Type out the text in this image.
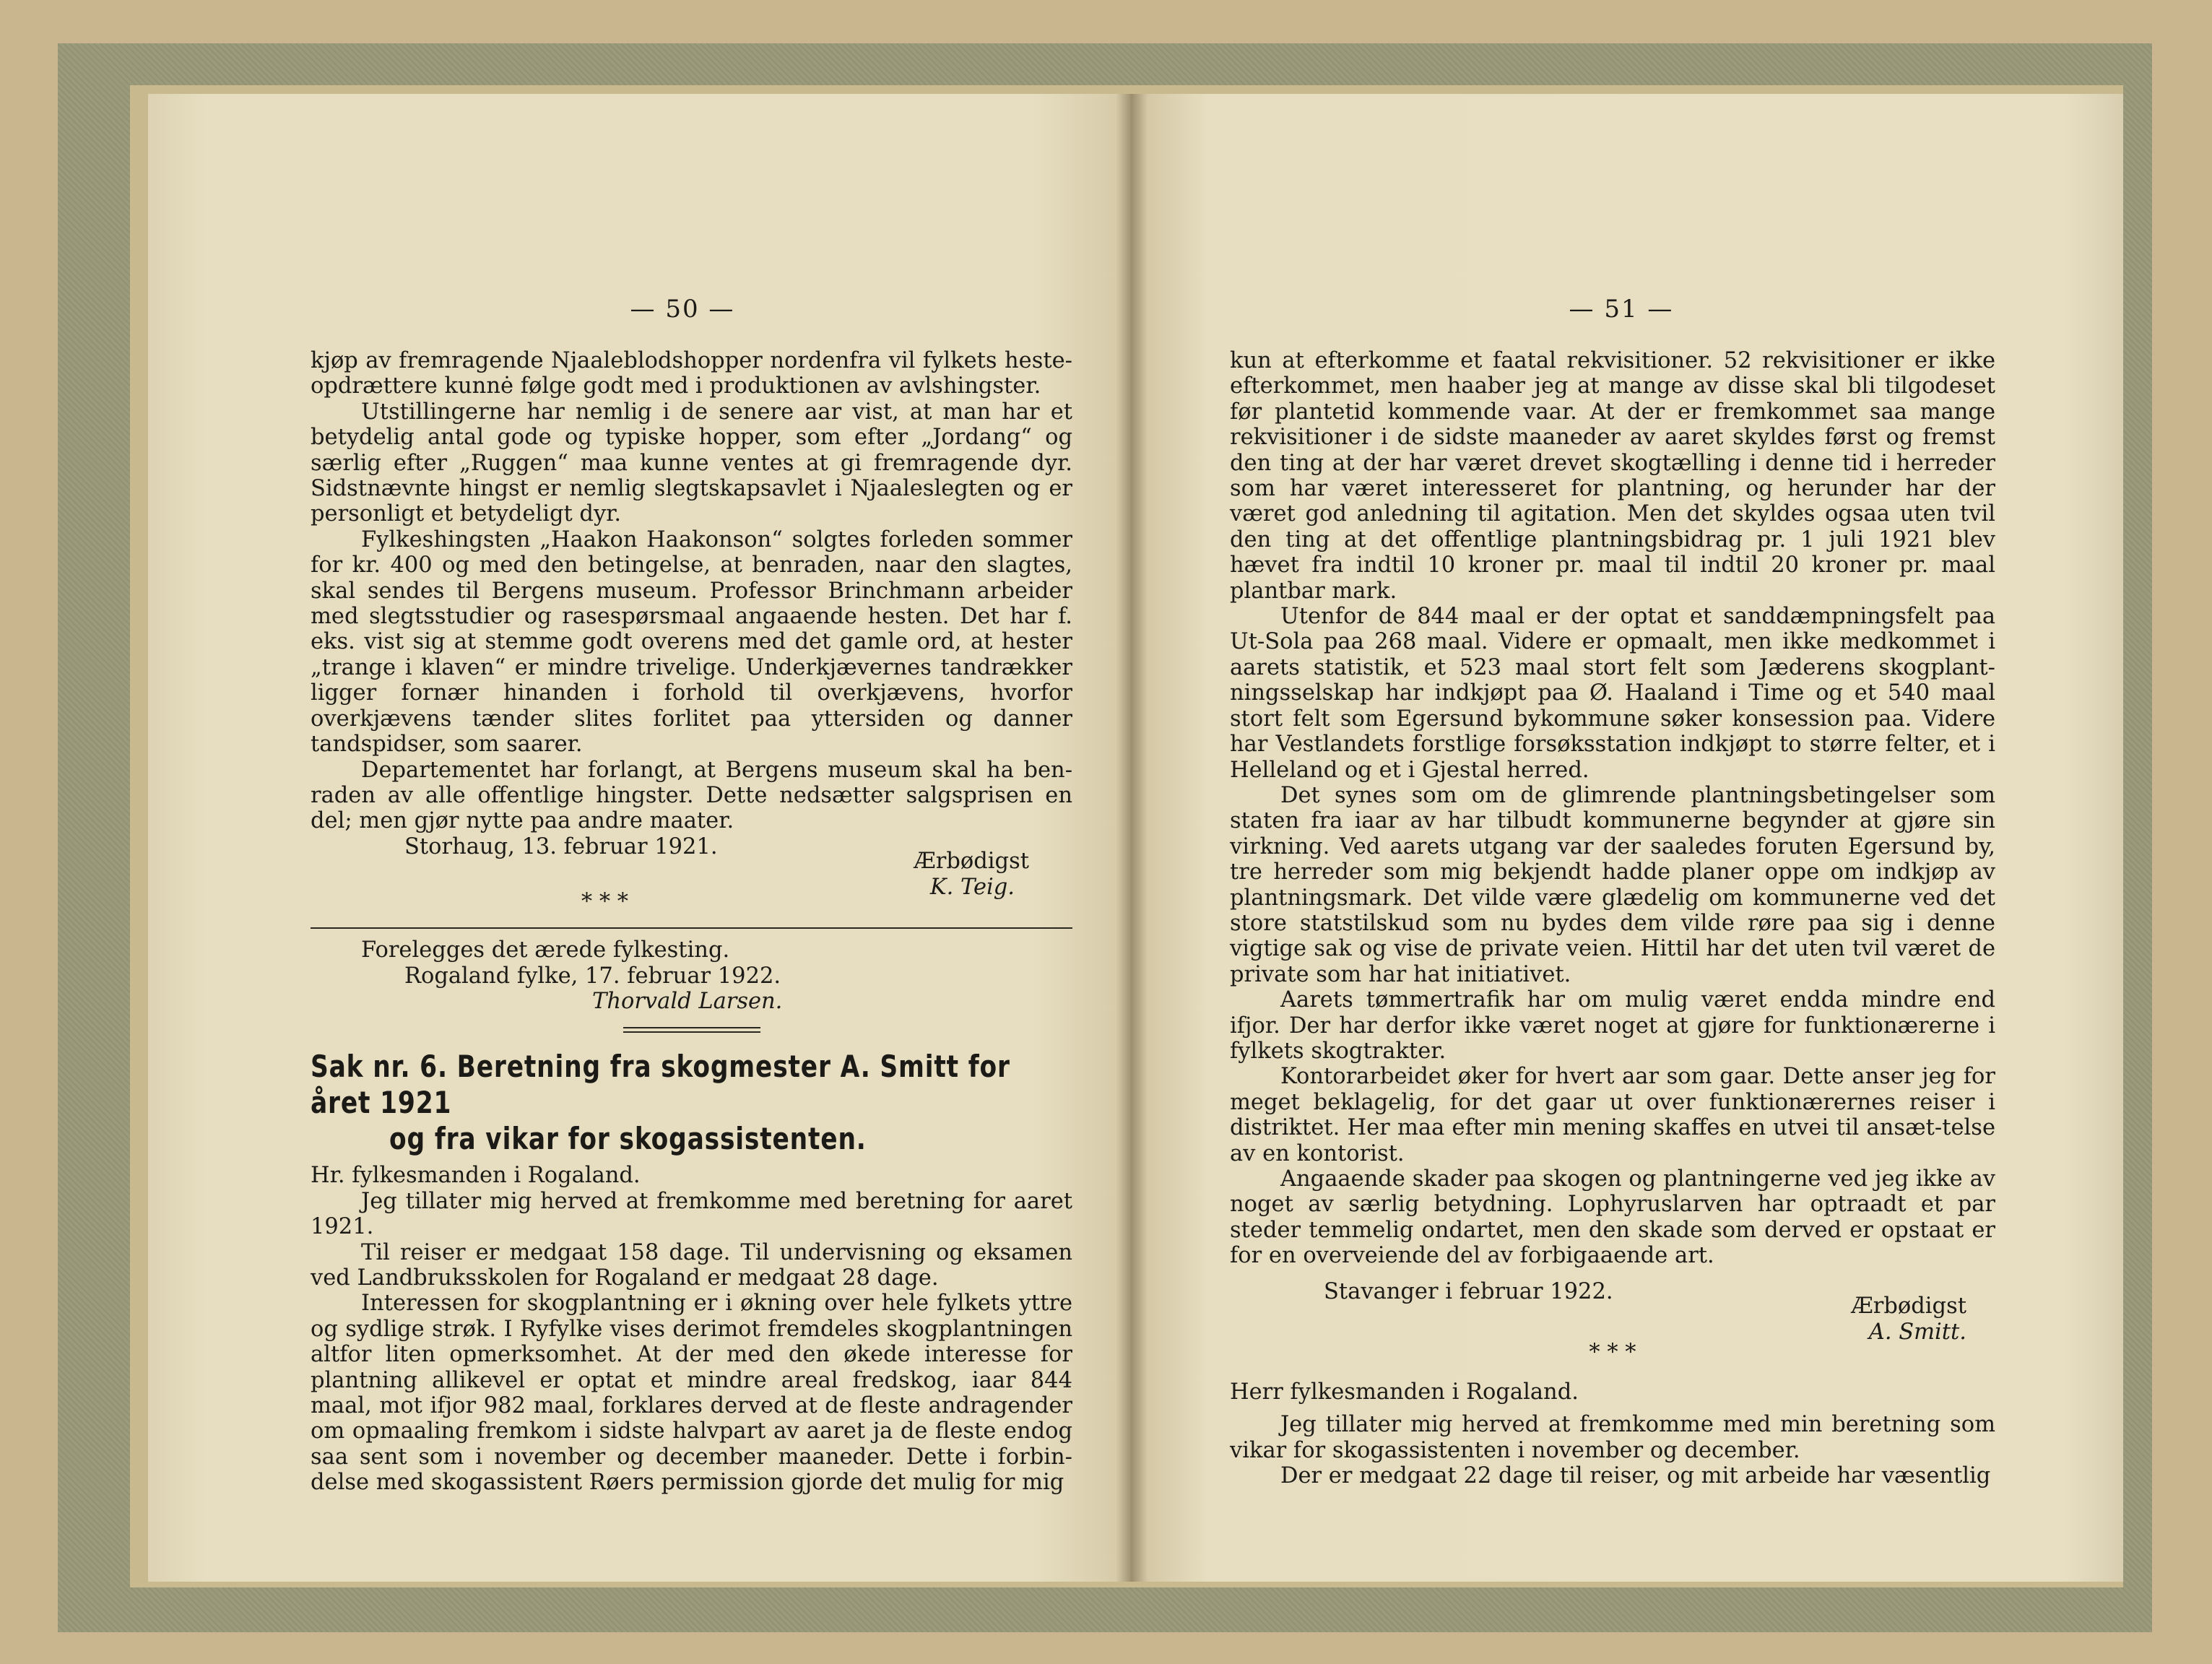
— 50 —

kjøp av fremragende Njaaleblodshopper nordenfra vil fylkets heste-opdrættere kunnė følge godt med i produktionen av avlshingster.

Utstillingerne har nemlig i de senere aar vist, at man har et betydelig antal gode og typiske hopper, som efter „Jordang“ og særlig efter „Ruggen“ maa kunne ventes at gi fremragende dyr. Sidstnævnte hingst er nemlig slegtskapsavlet i Njaaleslegten og er personligt et betydeligt dyr.

Fylkeshingsten „Haakon Haakonson“ solgtes forleden sommer for kr. 400 og med den betingelse, at benraden, naar den slagtes, skal sendes til Bergens museum. Professor Brinchmann arbeider med slegtsstudier og rasespørsmaal angaaende hesten. Det har f. eks. vist sig at stemme godt overens med det gamle ord, at hester „trange i klaven“ er mindre trivelige. Underkjævernes tandrækker ligger fornær hinanden i forhold til overkjævens, hvorfor overkjævens tænder slites forlitet paa yttersiden og danner tandspidser, som saarer.

Departementet har forlangt, at Bergens museum skal ha ben-raden av alle offentlige hingster. Dette nedsætter salgsprisen en del; men gjør nytte paa andre maater.

Storhaug, 13. februar 1921.
Ærbødigst
K. Teig.

* * *

Forelegges det ærede fylkesting.

Rogaland fylke, 17. februar 1922.

Thorvald Larsen.

Sak nr. 6. Beretning fra skogmester A. Smitt for året 1921
og fra vikar for skogassistenten.

Hr. fylkesmanden i Rogaland.

Jeg tillater mig herved at fremkomme med beretning for aaret 1921.

Til reiser er medgaat 158 dage. Til undervisning og eksamen ved Landbruksskolen for Rogaland er medgaat 28 dage.

Interessen for skogplantning er i økning over hele fylkets yttre og sydlige strøk. I Ryfylke vises derimot fremdeles skogplantningen altfor liten opmerksomhet. At der med den økede interesse for plantning allikevel er optat et mindre areal fredskog, iaar 844 maal, mot ifjor 982 maal, forklares derved at de fleste andragender om opmaaling fremkom i sidste halvpart av aaret ja de fleste endog saa sent som i november og december maaneder. Dette i forbin-delse med skogassistent Røers permission gjorde det mulig for mig

— 51 —

kun at efterkomme et faatal rekvisitioner. 52 rekvisitioner er ikke efterkommet, men haaber jeg at mange av disse skal bli tilgodeset før plantetid kommende vaar. At der er fremkommet saa mange rekvisitioner i de sidste maaneder av aaret skyldes først og fremst den ting at der har været drevet skogtælling i denne tid i herreder som har været interesseret for plantning, og herunder har der været god anledning til agitation. Men det skyldes ogsaa uten tvil den ting at det offentlige plantningsbidrag pr. 1 juli 1921 blev hævet fra indtil 10 kroner pr. maal til indtil 20 kroner pr. maal plantbar mark.

Utenfor de 844 maal er der optat et sanddæmpningsfelt paa Ut-Sola paa 268 maal. Videre er opmaalt, men ikke medkommet i aarets statistik, et 523 maal stort felt som Jæderens skogplant-ningsselskap har indkjøpt paa Ø. Haaland i Time og et 540 maal stort felt som Egersund bykommune søker konsession paa. Videre har Vestlandets forstlige forsøksstation indkjøpt to større felter, et i Helleland og et i Gjestal herred.

Det synes som om de glimrende plantningsbetingelser som staten fra iaar av har tilbudt kommunerne begynder at gjøre sin virkning. Ved aarets utgang var der saaledes foruten Egersund by, tre herreder som mig bekjendt hadde planer oppe om indkjøp av plantningsmark. Det vilde være glædelig om kommunerne ved det store statstilskud som nu bydes dem vilde røre paa sig i denne vigtige sak og vise de private veien. Hittil har det uten tvil været de private som har hat initiativet.

Aarets tømmertrafik har om mulig været endda mindre end ifjor. Der har derfor ikke været noget at gjøre for funktionærerne i fylkets skogtrakter.

Kontorarbeidet øker for hvert aar som gaar. Dette anser jeg for meget beklagelig, for det gaar ut over funktionærernes reiser i distriktet. Her maa efter min mening skaffes en utvei til ansæt-telse av en kontorist.

Angaaende skader paa skogen og plantningerne ved jeg ikke av noget av særlig betydning. Lophyruslarven har optraadt et par steder temmelig ondartet, men den skade som derved er opstaat er for en overveiende del av forbigaaende art.

Stavanger i februar 1922.
Ærbødigst
A. Smitt.

* * *

Herr fylkesmanden i Rogaland.

Jeg tillater mig herved at fremkomme med min beretning som vikar for skogassistenten i november og december.

Der er medgaat 22 dage til reiser, og mit arbeide har væsentlig
